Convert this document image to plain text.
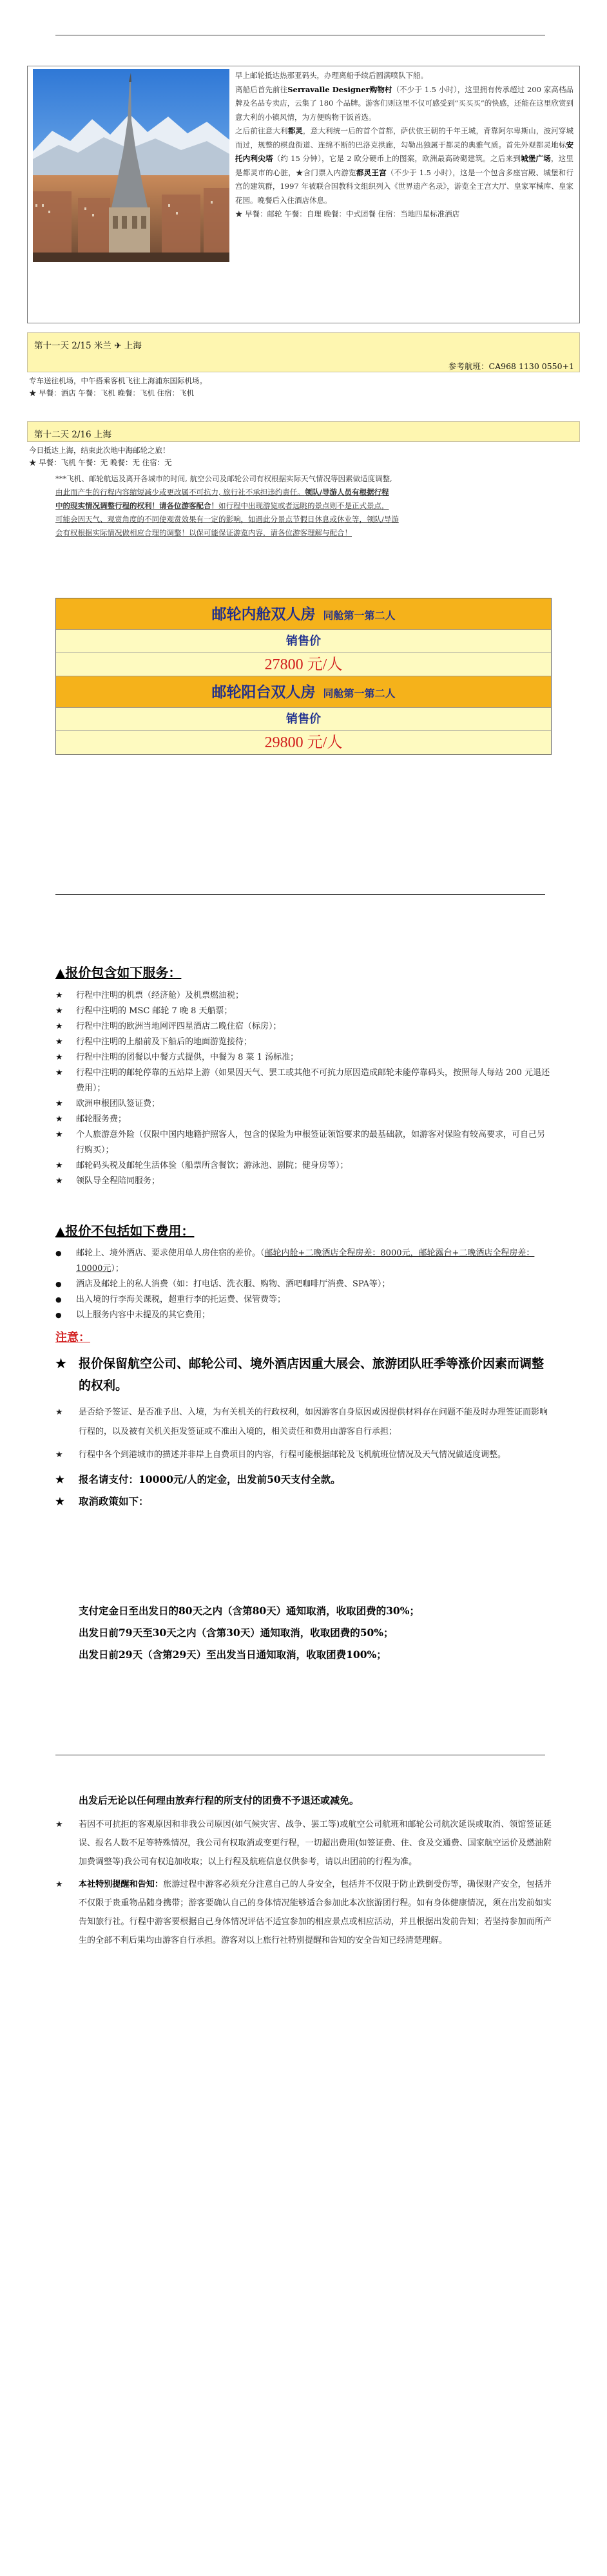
早上邮轮抵达热那亚码头，办理离船手续后圆满喷队下船。
离船后首先前往Serravalle Designer购物村（不少于 1.5 小时），这里拥有传承超过 200 家高档品牌及名品专卖店，云集了 180 个品牌。游客们则这里不仅可感受到“买买买”的快感，还能在这里欣赏到意大利的小镇风情，为方便购物干饭首选。
之后前往意大利都灵，意大利统一后的首个首都，萨伏依王朝的千年王城，背靠阿尔卑斯山，波河穿城而过，规整的棋盘街道、连绵不断的巴洛克拱廊，勾勒出独属于都灵的典雅气质。首先外观都灵地标安托内利尖塔（约 15 分钟），它是 2 欧分硬币上的图案，欧洲最高砖砌建筑。之后来到城堡广场，这里是都灵市的心脏，★含门票入内游览都灵王宫（不少于 1.5 小时），这是一个包含多座宫殿、城堡和行宫的建筑群，1997 年被联合国教科文组织列入《世界遗产名录》，游览全王宫大厅、皇家军械库、皇家花园。晚餐后入住酒店休息。
★ 早餐：邮轮 午餐：自理 晚餐：中式团餐 住宿：当地四星标准酒店
第十一天 2/15 米兰 ✈ 上海
参考航班：CA968 1130 0550+1
专车送往机场，中午搭乘客机飞往上海浦东国际机场。
★ 早餐：酒店 午餐：飞机 晚餐：飞机 住宿：飞机
第十二天 2/16 上海
今日抵达上海，结束此次地中海邮轮之旅！
★ 早餐：飞机 午餐：无 晚餐：无 住宿：无
***飞机、邮轮航运及离开各城市的时间, 航空公司及邮轮公司有权根据实际天气情况等因素做适度调整,
由此而产生的行程内容缩短减少或更改属不可抗力, 旅行社不承担违约责任。领队/导游人员有根据行程
中的现实情况调整行程的权利！请各位游客配合！如行程中出现游览或者远眺的景点则不是正式景点，
可能会因天气、观赏角度的不同使观赏效果有一定的影响，如遇此分景点节假日休息或休业等，领队/导游
会有权根据实际情况做相应合理的调整！以保可能保证游览内容，请各位游客理解与配合！
邮轮内舱双人房 同舱第一第二人
销售价
27800 元/人
邮轮阳台双人房 同舱第一第二人
销售价
29800 元/人
▲报价包含如下服务：
★ 行程中注明的机票（经济舱）及机票燃油税；
★ 行程中注明的 MSC 邮轮 7 晚 8 天船票；
★ 行程中注明的欧洲当地网评四星酒店二晚住宿（标房）；
★ 行程中注明的上船前及下船后的地面游览接待；
★ 行程中注明的团餐以中餐方式提供，中餐为 8 菜 1 汤标准；
★ 行程中注明的邮轮停靠的五站岸上游（如果因天气、罢工或其他不可抗力原因造成邮轮未能停靠码头，按照每人每站 200 元退还费用）；
★ 欧洲申根团队签证费；
★ 邮轮服务费；
★ 个人旅游意外险（仅限中国内地籍护照客人，包含的保险为申根签证领馆要求的最基础款，如游客对保险有较高要求，可自己另行购买）；
★ 邮轮码头税及邮轮生活体验（船票所含餐饮；游泳池、剧院；健身房等）；
★ 领队导全程陪同服务；
▲报价不包括如下费用：
● 邮轮上、境外酒店、要求使用单人房住宿的差价。（邮轮内舱+二晚酒店全程房差：8000元，邮轮露台+二晚酒店全程房差：10000元）；
● 酒店及邮轮上的私人消费（如：打电话、洗衣服、购物、酒吧咖啡厅消费、SPA等）；
● 出入境的行李海关课税，超重行李的托运费、保管费等；
● 以上服务内容中未提及的其它费用；
注意：
★ 报价保留航空公司、邮轮公司、境外酒店因重大展会、旅游团队旺季等涨价因素而调整的权利。
★ 是否给予签证、是否准予出、入境，为有关机关的行政权利，如因游客自身原因或因提供材料存在问题不能及时办理签证而影响行程的，以及被有关机关拒发签证或不准出入境的，相关责任和费用由游客自行承担；
★ 行程中各个到港城市的描述并非岸上自费项目的内容，行程可能根据邮轮及飞机航班位情况及天气情况做适度调整。
★ 报名请支付：10000元/人的定金，出发前50天支付全款。
★ 取消政策如下：
支付定金日至出发日的80天之内（含第80天）通知取消，收取团费的30%；
出发日前79天至30天之内（含第30天）通知取消，收取团费的50%；
出发日前29天（含第29天）至出发当日通知取消，收取团费100%；
出发后无论以任何理由放弃行程的所支付的团费不予退还或减免。
★ 若因不可抗拒的客观原因和非我公司原因(如气候灾害、战争、罢工等)或航空公司航班和邮轮公司航次延误或取消、领馆签证延误、报名人数不足等特殊情况，我公司有权取消或变更行程，一切超出费用(如签证费、住、食及交通费、国家航空运价及燃油附加费调整等)我公司有权追加收取；以上行程及航班信息仅供参考，请以出团前的行程为准。
★ 本社特别提醒和告知：旅游过程中游客必须充分注意自己的人身安全，包括并不仅限于防止跌倒受伤等，确保财产安全，包括并不仅限于贵重物品随身携带；游客要确认自己的身体情况能够适合参加此本次旅游团行程。如有身体健康情况，须在出发前如实告知旅行社。行程中游客要根据自己身体情况评估不适宜参加的相应景点或相应活动，并且根据出发前告知；若坚持参加而所产生的全部不利后果均由游客自行承担。游客对以上旅行社特别提醒和告知的安全告知已经清楚理解。
